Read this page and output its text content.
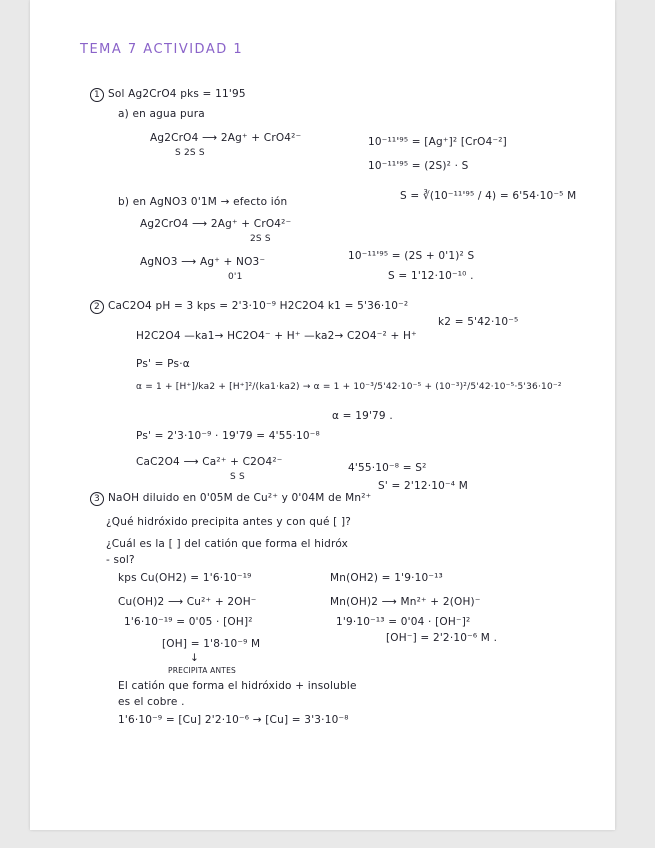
TEMA 7 ACTIVIDAD 1
1 Sol Ag2CrO4 pks = 11'95
a) en agua pura
Ag2CrO4 ⟶ 2Ag⁺ + CrO4²⁻
S 2S S
10⁻¹¹'⁹⁵ = [Ag⁺]² [CrO4⁻²]
10⁻¹¹'⁹⁵ = (2S)² · S
S = ∛(10⁻¹¹'⁹⁵ / 4) = 6'54·10⁻⁵ M
b) en AgNO3 0'1M → efecto ión
Ag2CrO4 ⟶ 2Ag⁺ + CrO4²⁻
2S S
AgNO3 ⟶ Ag⁺ + NO3⁻
0'1
10⁻¹¹'⁹⁵ = (2S + 0'1)² S
S = 1'12·10⁻¹⁰ .
2 CaC2O4 pH = 3 kps = 2'3·10⁻⁹ H2C2O4 k1 = 5'36·10⁻²
k2 = 5'42·10⁻⁵
H2C2O4 —ka1→ HC2O4⁻ + H⁺ —ka2→ C2O4⁻² + H⁺
Ps' = Ps·α
α = 1 + [H⁺]/ka2 + [H⁺]²/(ka1·ka2) → α = 1 + 10⁻³/5'42·10⁻⁵ + (10⁻³)²/5'42·10⁻⁵·5'36·10⁻²
α = 19'79 .
Ps' = 2'3·10⁻⁹ · 19'79 = 4'55·10⁻⁸
CaC2O4 ⟶ Ca²⁺ + C2O4²⁻
S S
4'55·10⁻⁸ = S²
S' = 2'12·10⁻⁴ M
3 NaOH diluido en 0'05M de Cu²⁺ y 0'04M de Mn²⁺
¿Qué hidróxido precipita antes y con qué [ ]?
¿Cuál es la [ ] del catión que forma el hidróx
- sol?
kps Cu(OH2) = 1'6·10⁻¹⁹	Mn(OH2) = 1'9·10⁻¹³
Cu(OH)2 ⟶ Cu²⁺ + 2OH⁻	Mn(OH)2 ⟶ Mn²⁺ + 2(OH)⁻
1'6·10⁻¹⁹ = 0'05 · [OH]²	1'9·10⁻¹³ = 0'04 · [OH⁻]²
[OH] = 1'8·10⁻⁹ M	[OH⁻] = 2'2·10⁻⁶ M .
↓
PRECIPITA ANTES
El catión que forma el hidróxido + insoluble
es el cobre .
1'6·10⁻⁹ = [Cu] 2'2·10⁻⁶ → [Cu] = 3'3·10⁻⁸
